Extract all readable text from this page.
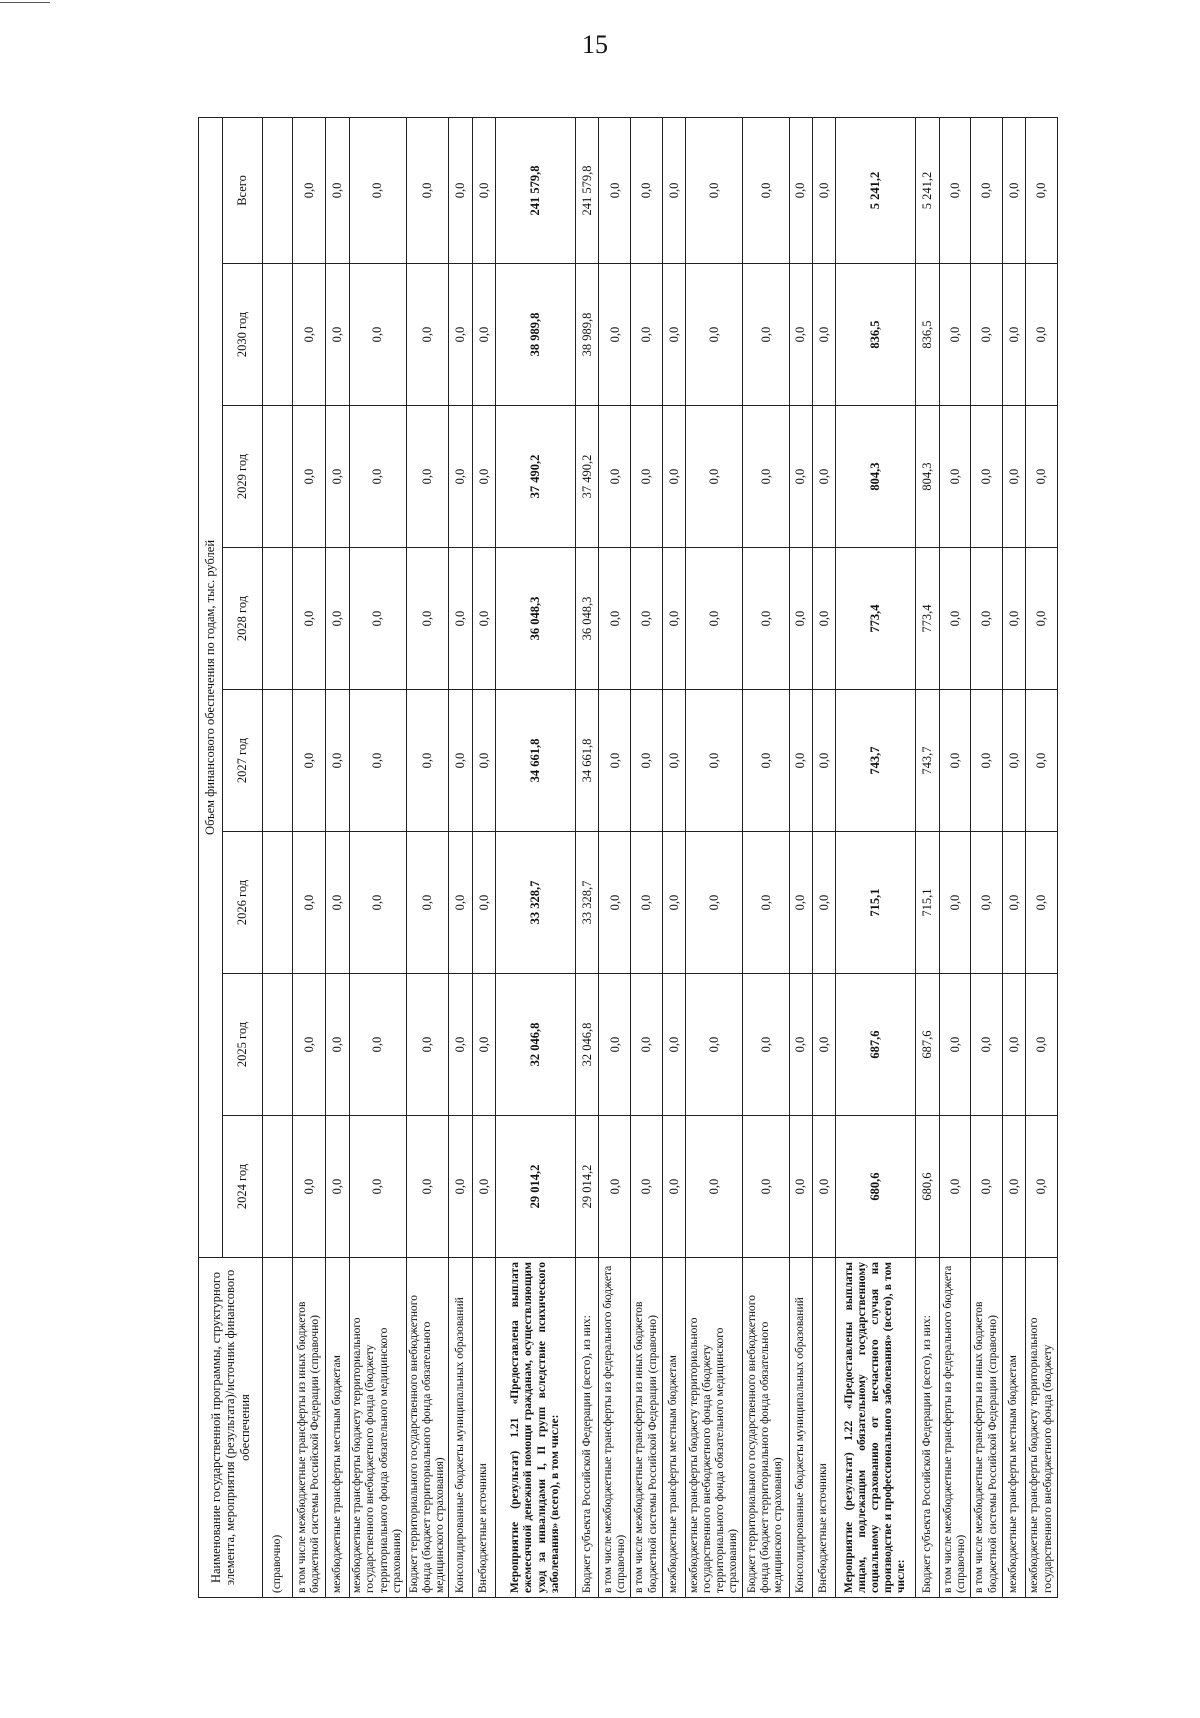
15
Наименование государственной программы, структурного элемента, мероприятия (результата)/источник финансового обеспечения	Объем финансового обеспечения по годам, тыс. рублей							
	2024 год	2025 год	2026 год	2027 год	2028 год	2029 год	2030 год	Всего
(справочно)								
в том числе межбюджетные трансферты из иных бюджетов бюджетной системы Российской Федерации (справочно)	0,0	0,0	0,0	0,0	0,0	0,0	0,0	0,0
межбюджетные трансферты местным бюджетам	0,0	0,0	0,0	0,0	0,0	0,0	0,0	0,0
межбюджетные трансферты бюджету территориального государственного внебюджетного фонда (бюджету территориального фонда обязательного медицинского страхования)	0,0	0,0	0,0	0,0	0,0	0,0	0,0	0,0
Бюджет территориального государственного внебюджетного фонда (бюджет территориального фонда обязательного медицинского страхования)	0,0	0,0	0,0	0,0	0,0	0,0	0,0	0,0
Консолидированные бюджеты муниципальных образований	0,0	0,0	0,0	0,0	0,0	0,0	0,0	0,0
Внебюджетные источники	0,0	0,0	0,0	0,0	0,0	0,0	0,0	0,0
Мероприятие (результат) 1.21 «Предоставлена выплата ежемесячной денежной помощи гражданам, осуществляющим уход за инвалидами I, II групп вследствие психического заболевания» (всего), в том числе:	29 014,2	32 046,8	33 328,7	34 661,8	36 048,3	37 490,2	38 989,8	241 579,8
Бюджет субъекта Российской Федерации (всего), из них:	29 014,2	32 046,8	33 328,7	34 661,8	36 048,3	37 490,2	38 989,8	241 579,8
в том числе межбюджетные трансферты из федерального бюджета (справочно)	0,0	0,0	0,0	0,0	0,0	0,0	0,0	0,0
в том числе межбюджетные трансферты из иных бюджетов бюджетной системы Российской Федерации (справочно)	0,0	0,0	0,0	0,0	0,0	0,0	0,0	0,0
межбюджетные трансферты местным бюджетам	0,0	0,0	0,0	0,0	0,0	0,0	0,0	0,0
межбюджетные трансферты бюджету территориального государственного внебюджетного фонда (бюджету территориального фонда обязательного медицинского страхования)	0,0	0,0	0,0	0,0	0,0	0,0	0,0	0,0
Бюджет территориального государственного внебюджетного фонда (бюджет территориального фонда обязательного медицинского страхования)	0,0	0,0	0,0	0,0	0,0	0,0	0,0	0,0
Консолидированные бюджеты муниципальных образований	0,0	0,0	0,0	0,0	0,0	0,0	0,0	0,0
Внебюджетные источники	0,0	0,0	0,0	0,0	0,0	0,0	0,0	0,0
Мероприятие (результат) 1.22 «Предоставлены выплаты лицам, подлежащим обязательному государственному социальному страхованию от несчастного случая на производстве и профессионального заболевания» (всего), в том числе:	680,6	687,6	715,1	743,7	773,4	804,3	836,5	5 241,2
Бюджет субъекта Российской Федерации (всего), из них:	680,6	687,6	715,1	743,7	773,4	804,3	836,5	5 241,2
в том числе межбюджетные трансферты из федерального бюджета (справочно)	0,0	0,0	0,0	0,0	0,0	0,0	0,0	0,0
в том числе межбюджетные трансферты из иных бюджетов бюджетной системы Российской Федерации (справочно)	0,0	0,0	0,0	0,0	0,0	0,0	0,0	0,0
межбюджетные трансферты местным бюджетам	0,0	0,0	0,0	0,0	0,0	0,0	0,0	0,0
межбюджетные трансферты бюджету территориального государственного внебюджетного фонда (бюджету	0,0	0,0	0,0	0,0	0,0	0,0	0,0	0,0
